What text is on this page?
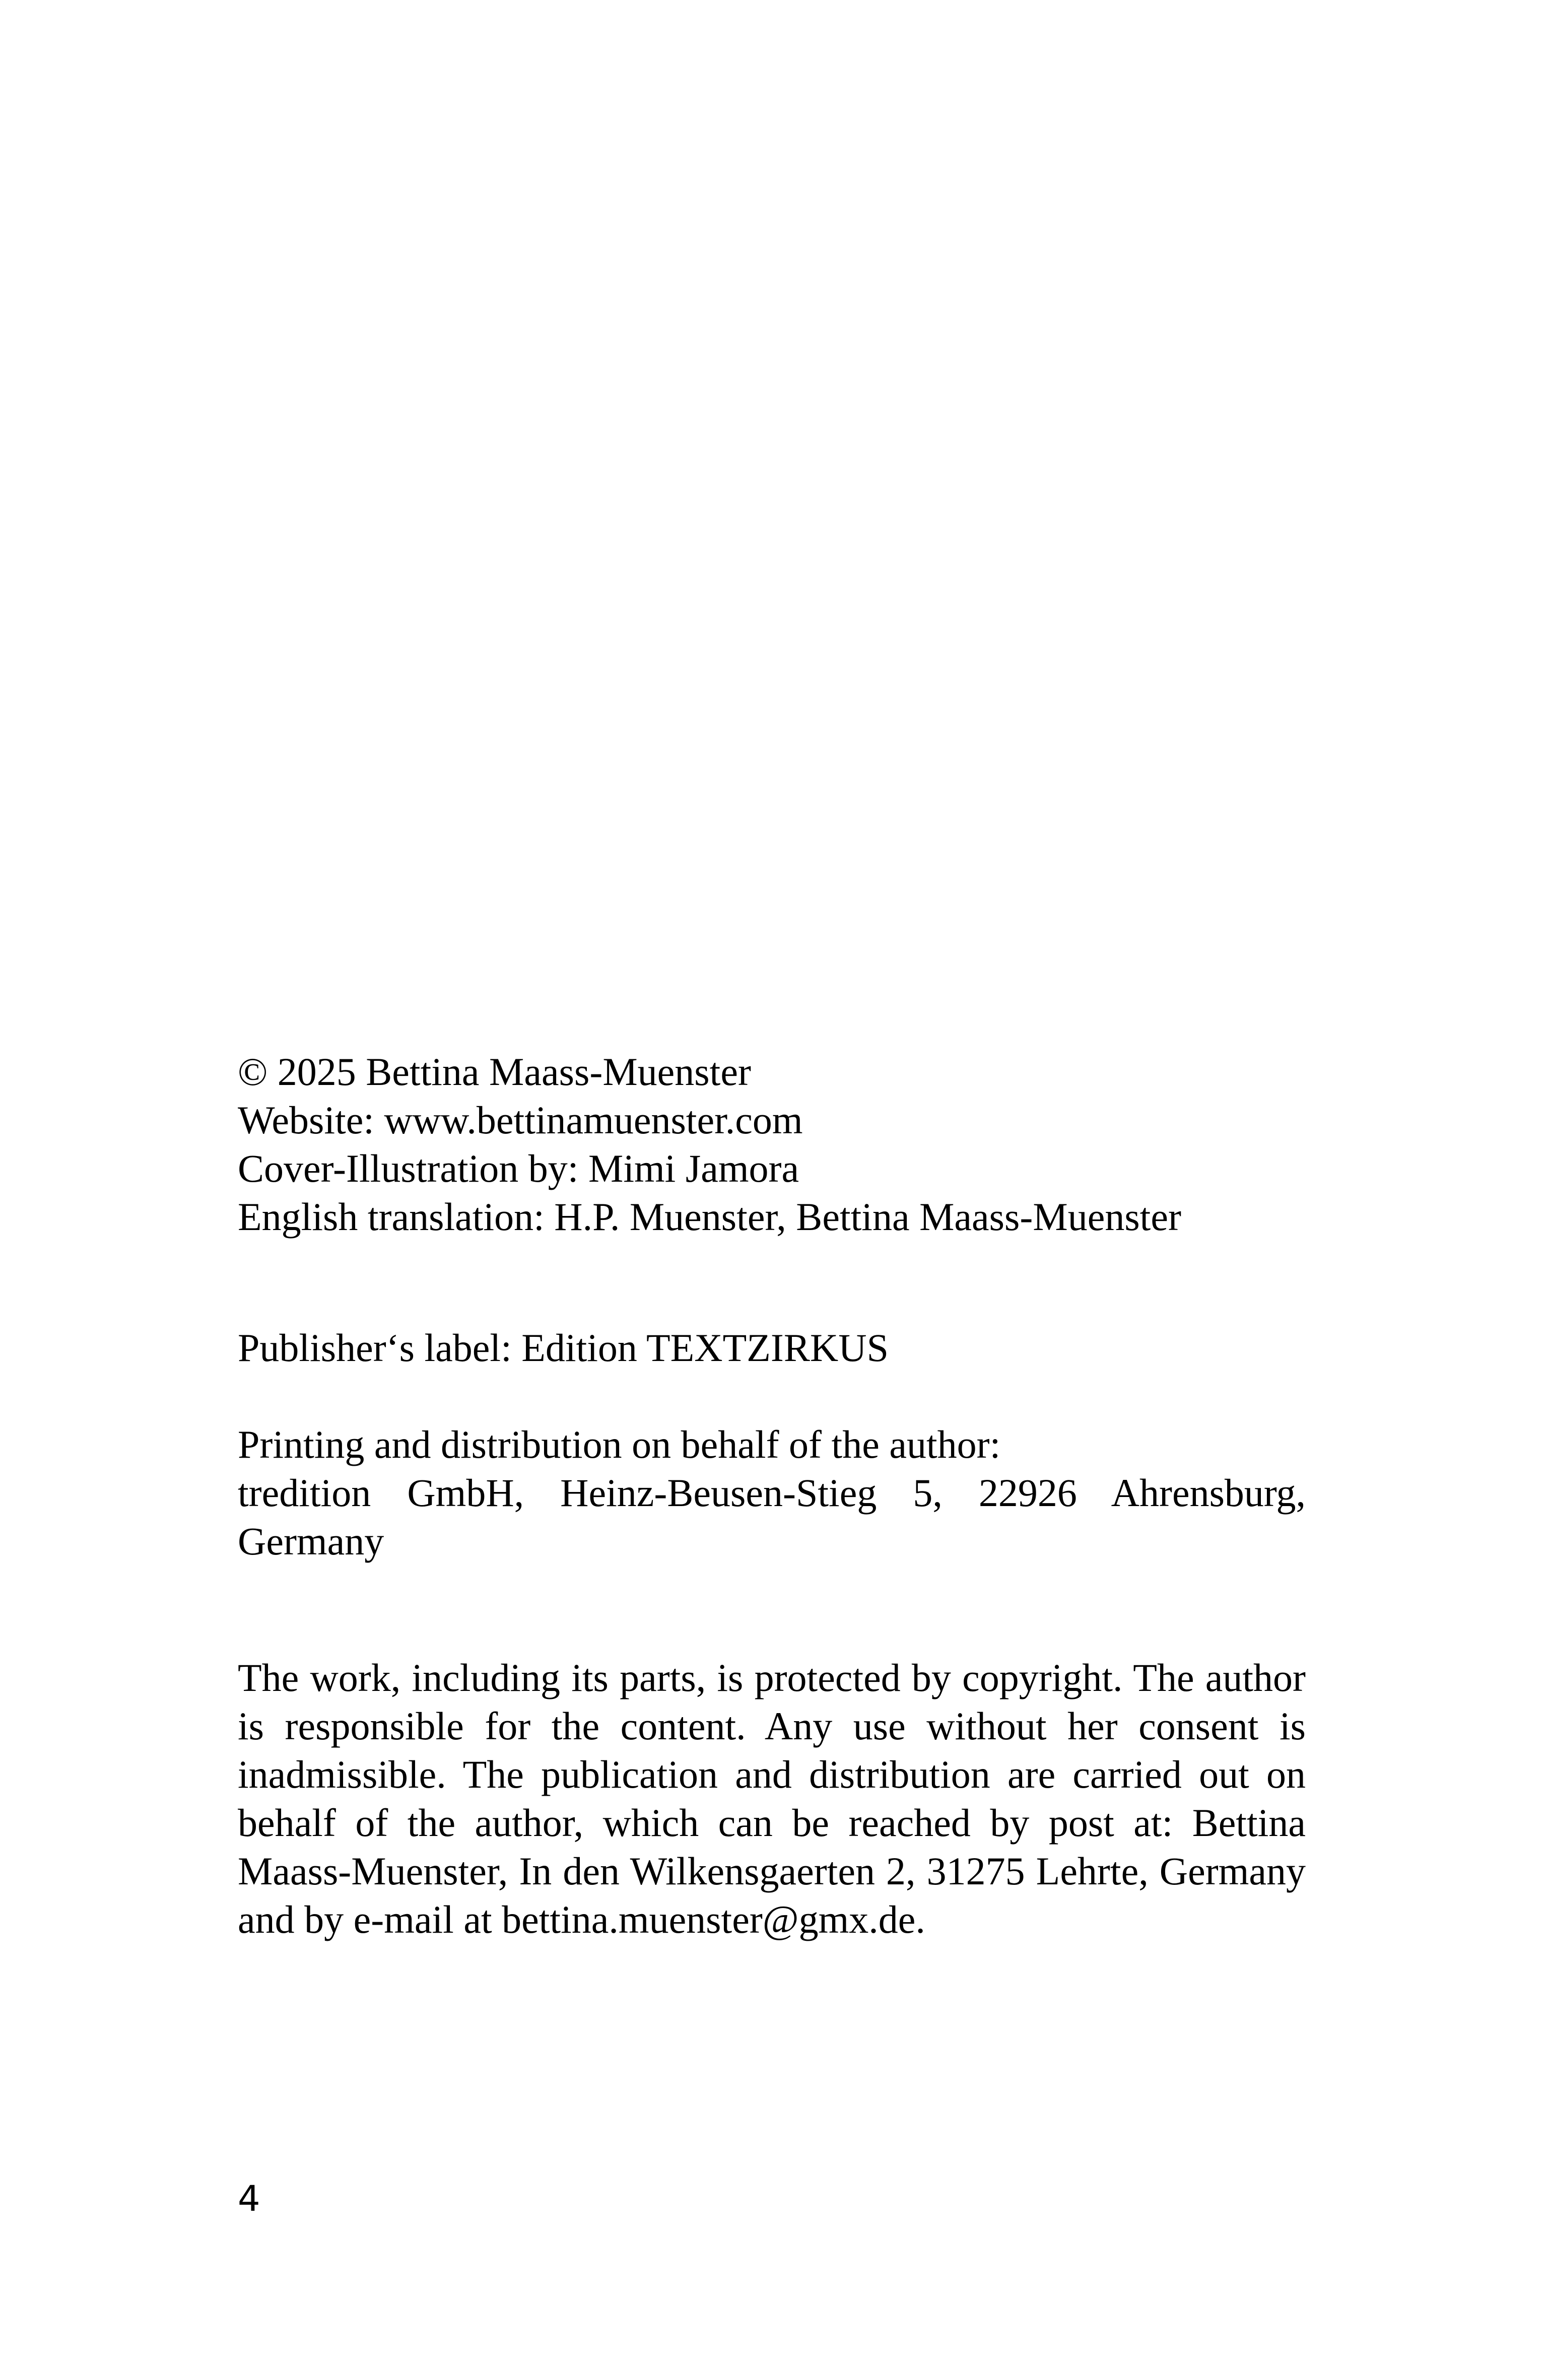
© 2025 Bettina Maass-Muenster
Website: www.bettinamuenster.com
Cover-Illustration by: Mimi Jamora
English translation: H.P. Muenster, Bettina Maass-Muenster
Publisher‘s label: Edition TEXTZIRKUS
Printing and distribution on behalf of the author:
tredition GmbH, Heinz-Beusen-Stieg 5, 22926 Ahrensburg,
Germany
The work, including its parts, is protected by copyright. The author is responsible for the content. Any use without her consent is inadmissible. The publication and distribution are carried out on behalf of the author, which can be reached by post at: Bettina Maass-Muenster, In den Wilkensgaerten 2, 31275 Lehrte, Germany and by e-mail at bettina.muenster@gmx.de.
4
